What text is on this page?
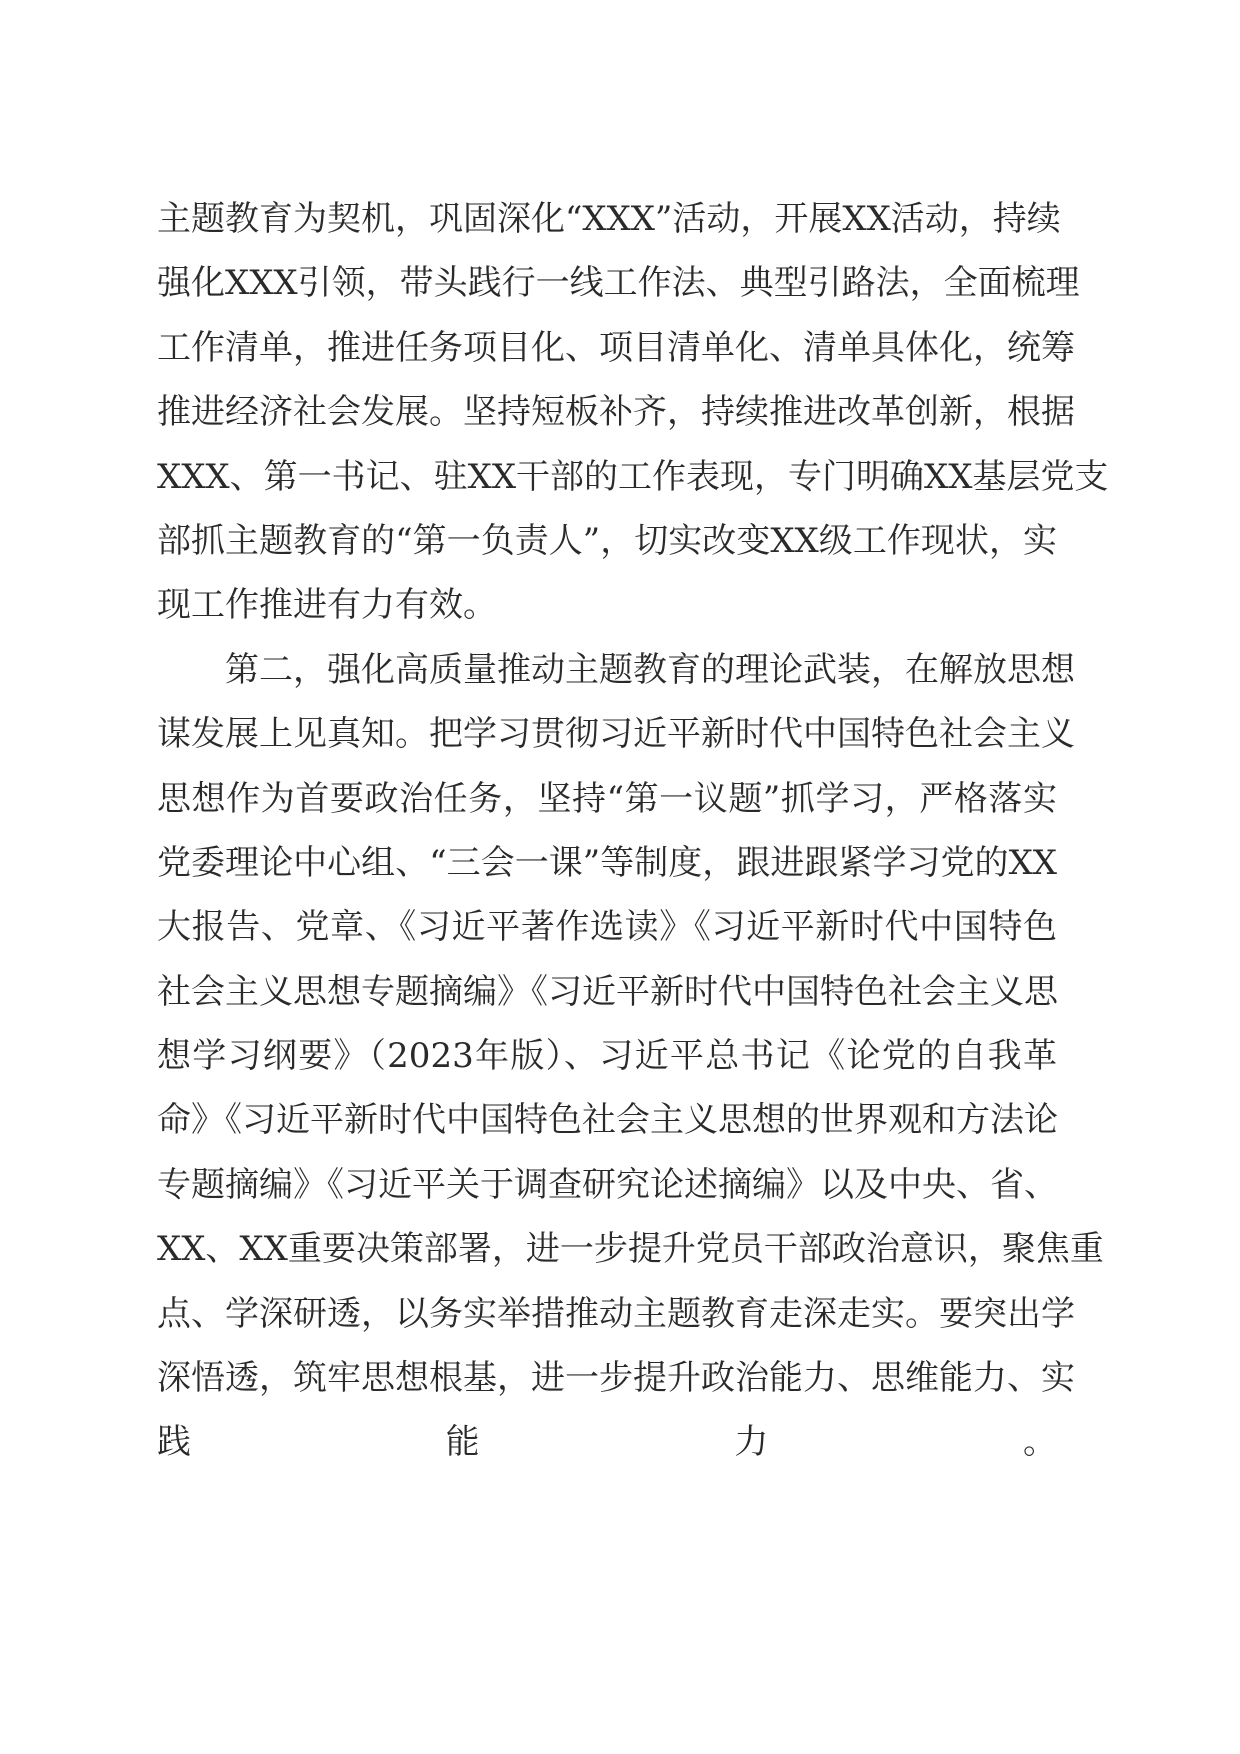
主题教育为契机，巩固深化“XXX”活动，开展XX活动，持续
强化XXX引领，带头践行一线工作法、典型引路法，全面梳理
工作清单，推进任务项目化、项目清单化、清单具体化，统筹
推进经济社会发展。坚持短板补齐，持续推进改革创新，根据
XXX、第一书记、驻XX干部的工作表现，专门明确XX基层党支
部抓主题教育的“第一负责人”，切实改变XX级工作现状，实
现工作推进有力有效。
第二，强化高质量推动主题教育的理论武装，在解放思想
谋发展上见真知。把学习贯彻习近平新时代中国特色社会主义
思想作为首要政治任务，坚持“第一议题”抓学习，严格落实
党委理论中心组、“三会一课”等制度，跟进跟紧学习党的XX
大报告、党章、《习近平著作选读》《习近平新时代中国特色
社会主义思想专题摘编》《习近平新时代中国特色社会主义思
想学习纲要》（2023年版）、习近平总书记《论党的自我革
命》《习近平新时代中国特色社会主义思想的世界观和方法论
专题摘编》《习近平关于调查研究论述摘编》以及中央、省、
XX、XX重要决策部署，进一步提升党员干部政治意识，聚焦重
点、学深研透，以务实举措推动主题教育走深走实。要突出学
深悟透，筑牢思想根基，进一步提升政治能力、思维能力、实
践能力。
